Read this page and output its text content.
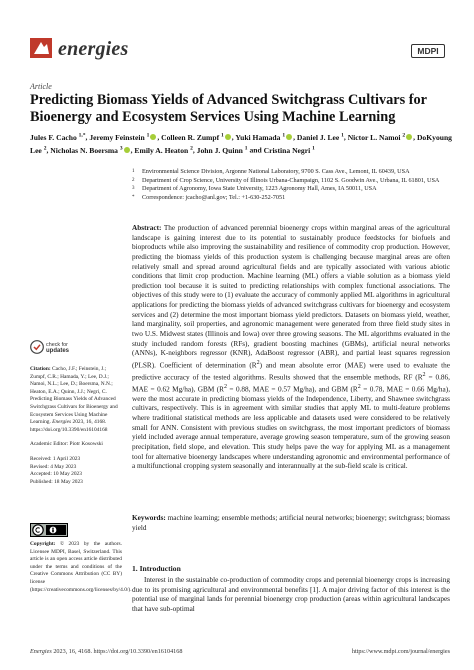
energies	MDPI
Article
Predicting Biomass Yields of Advanced Switchgrass Cultivars for Bioenergy and Ecosystem Services Using Machine Learning
Jules F. Cacho $^{1,*}$, Jeremy Feinstein $^1$ , Colleen R. Zumpf $^1$ , Yuki Hamada $^1$ , Daniel J. Lee $^1$, Nictor L. Namoi $^2$ , DoKyoung Lee $^2$, Nicholas N. Boersma $^3$ , Emily A. Heaton $^2$, John J. Quinn $^1$ and Cristina Negri $^1$
1	Environmental Science Division, Argonne National Laboratory, 9700 S. Cass Ave., Lemont, IL 60439, USA
2	Department of Crop Science, University of Illinois Urbana-Champaign, 1102 S. Goodwin Ave., Urbana, IL 61801, USA
3	Department of Agronomy, Iowa State University, 1223 Agronomy Hall, Ames, IA 50011, USA
*	Correspondence: jcacho@anl.gov; Tel.: +1-630-252-7051
Abstract: The production of advanced perennial bioenergy crops within marginal areas of the agricultural landscape is gaining interest due to its potential to sustainably produce feedstocks for biofuels and bioproducts while also improving the sustainability and resilience of commodity crop production. However, predicting the biomass yields of this production system is challenging because marginal areas are often relatively small and spread around agricultural fields and are typically associated with various abiotic conditions that limit crop production. Machine learning (ML) offers a viable solution as a biomass yield prediction tool because it is suited to predicting relationships with complex functional associations. The objectives of this study were to (1) evaluate the accuracy of commonly applied ML algorithms in agricultural applications for predicting the biomass yields of advanced switchgrass cultivars for bioenergy and ecosystem services and (2) determine the most important biomass yield predictors. Datasets on biomass yield, weather, land marginality, soil properties, and agronomic management were generated from three field study sites in two U.S. Midwest states (Illinois and Iowa) over three growing seasons. The ML algorithms evaluated in the study included random forests (RFs), gradient boosting machines (GBMs), artificial neural networks (ANNs), K-neighbors regressor (KNR), AdaBoost regressor (ABR), and partial least squares regression (PLSR). Coefficient of determination $(R^2)$ and mean absolute error (MAE) were used to evaluate the predictive accuracy of the tested algorithms. Results showed that the ensemble methods, RF ($R^2 = 0.86$, MAE = 0.62 Mg/ha), GBM ($R^2 = 0.88$, MAE = 0.57 Mg/ha), and GBM ($R^2 = 0.78$, MAE = 0.66 Mg/ha), were the most accurate in predicting biomass yields of the Independence, Liberty, and Shawnee switchgrass cultivars, respectively. This is in agreement with similar studies that apply ML to multi-feature problems where traditional statistical methods are less applicable and datasets used were considered to be relatively small for ANN. Consistent with previous studies on switchgrass, the most important predictors of biomass yield included average annual temperature, average growing season temperature, sum of the growing season precipitation, field slope, and elevation. This study helps pave the way for applying ML as a management tool for alternative bioenergy landscapes where understanding agronomic and environmental performance of a multifunctional cropping system seasonally and interannually at the sub-field scale is critical.
Keywords: machine learning; ensemble methods; artificial neural networks; bioenergy; switchgrass; biomass yield
1. Introduction
Interest in the sustainable co-production of commodity crops and perennial bioenergy crops is increasing due to its promising agricultural and environmental benefits [1]. A major driving factor of this interest is the potential use of marginal lands for perennial bioenergy crop production (areas within agricultural landscapes that have sub-optimal
check for
updates
Citation: Cacho, J.F.; Feinstein, J.; Zumpf, C.R.; Hamada, Y.; Lee, D.J.; Namoi, N.L.; Lee, D.; Boersma, N.N.; Heaton, E.A.; Quinn, J.J.; Negri, C. Predicting Biomass Yields of Advanced Switchgrass Cultivars for Bioenergy and Ecosystem Services Using Machine Learning. Energies 2023, 16, 4168. https://doi.org/10.3390/en16104168
Academic Editor: Piotr Kosowski
Received: 1 April 2023
Revised: 4 May 2023
Accepted: 10 May 2023
Published: 18 May 2023
Copyright: © 2023 by the authors. Licensee MDPI, Basel, Switzerland. This article is an open access article distributed under the terms and conditions of the Creative Commons Attribution (CC BY) license (https://creativecommons.org/licenses/by/4.0/).
Energies 2023, 16, 4168. https://doi.org/10.3390/en16104168	https://www.mdpi.com/journal/energies
